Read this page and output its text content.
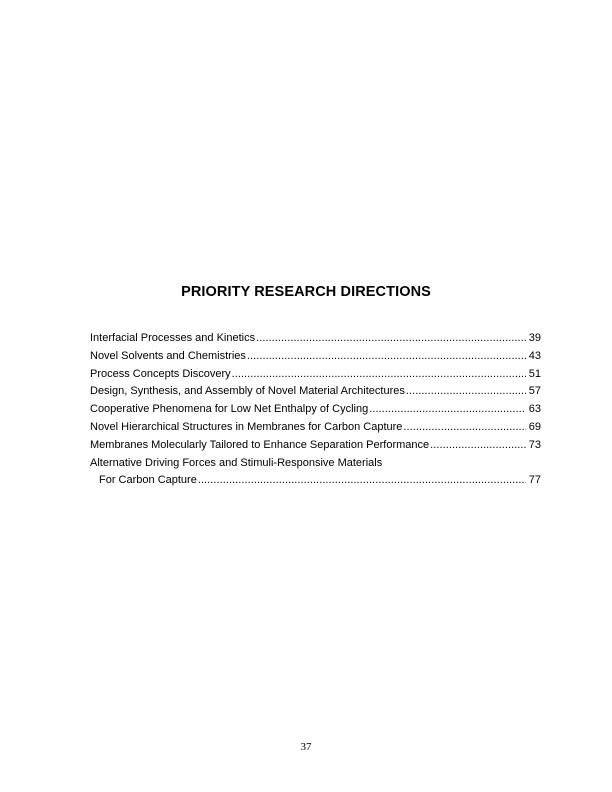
PRIORITY RESEARCH DIRECTIONS
Interfacial Processes and Kinetics . . .	39
Novel Solvents and Chemistries . . .	43
Process Concepts Discovery . . .	51
Design, Synthesis, and Assembly of Novel Material Architectures . . .	57
Cooperative Phenomena for Low Net Enthalpy of Cycling . . .	63
Novel Hierarchical Structures in Membranes for Carbon Capture . . .	69
Membranes Molecularly Tailored to Enhance Separation Performance . . .	73
Alternative Driving Forces and Stimuli-Responsive Materials
For Carbon Capture . . .	77
37
